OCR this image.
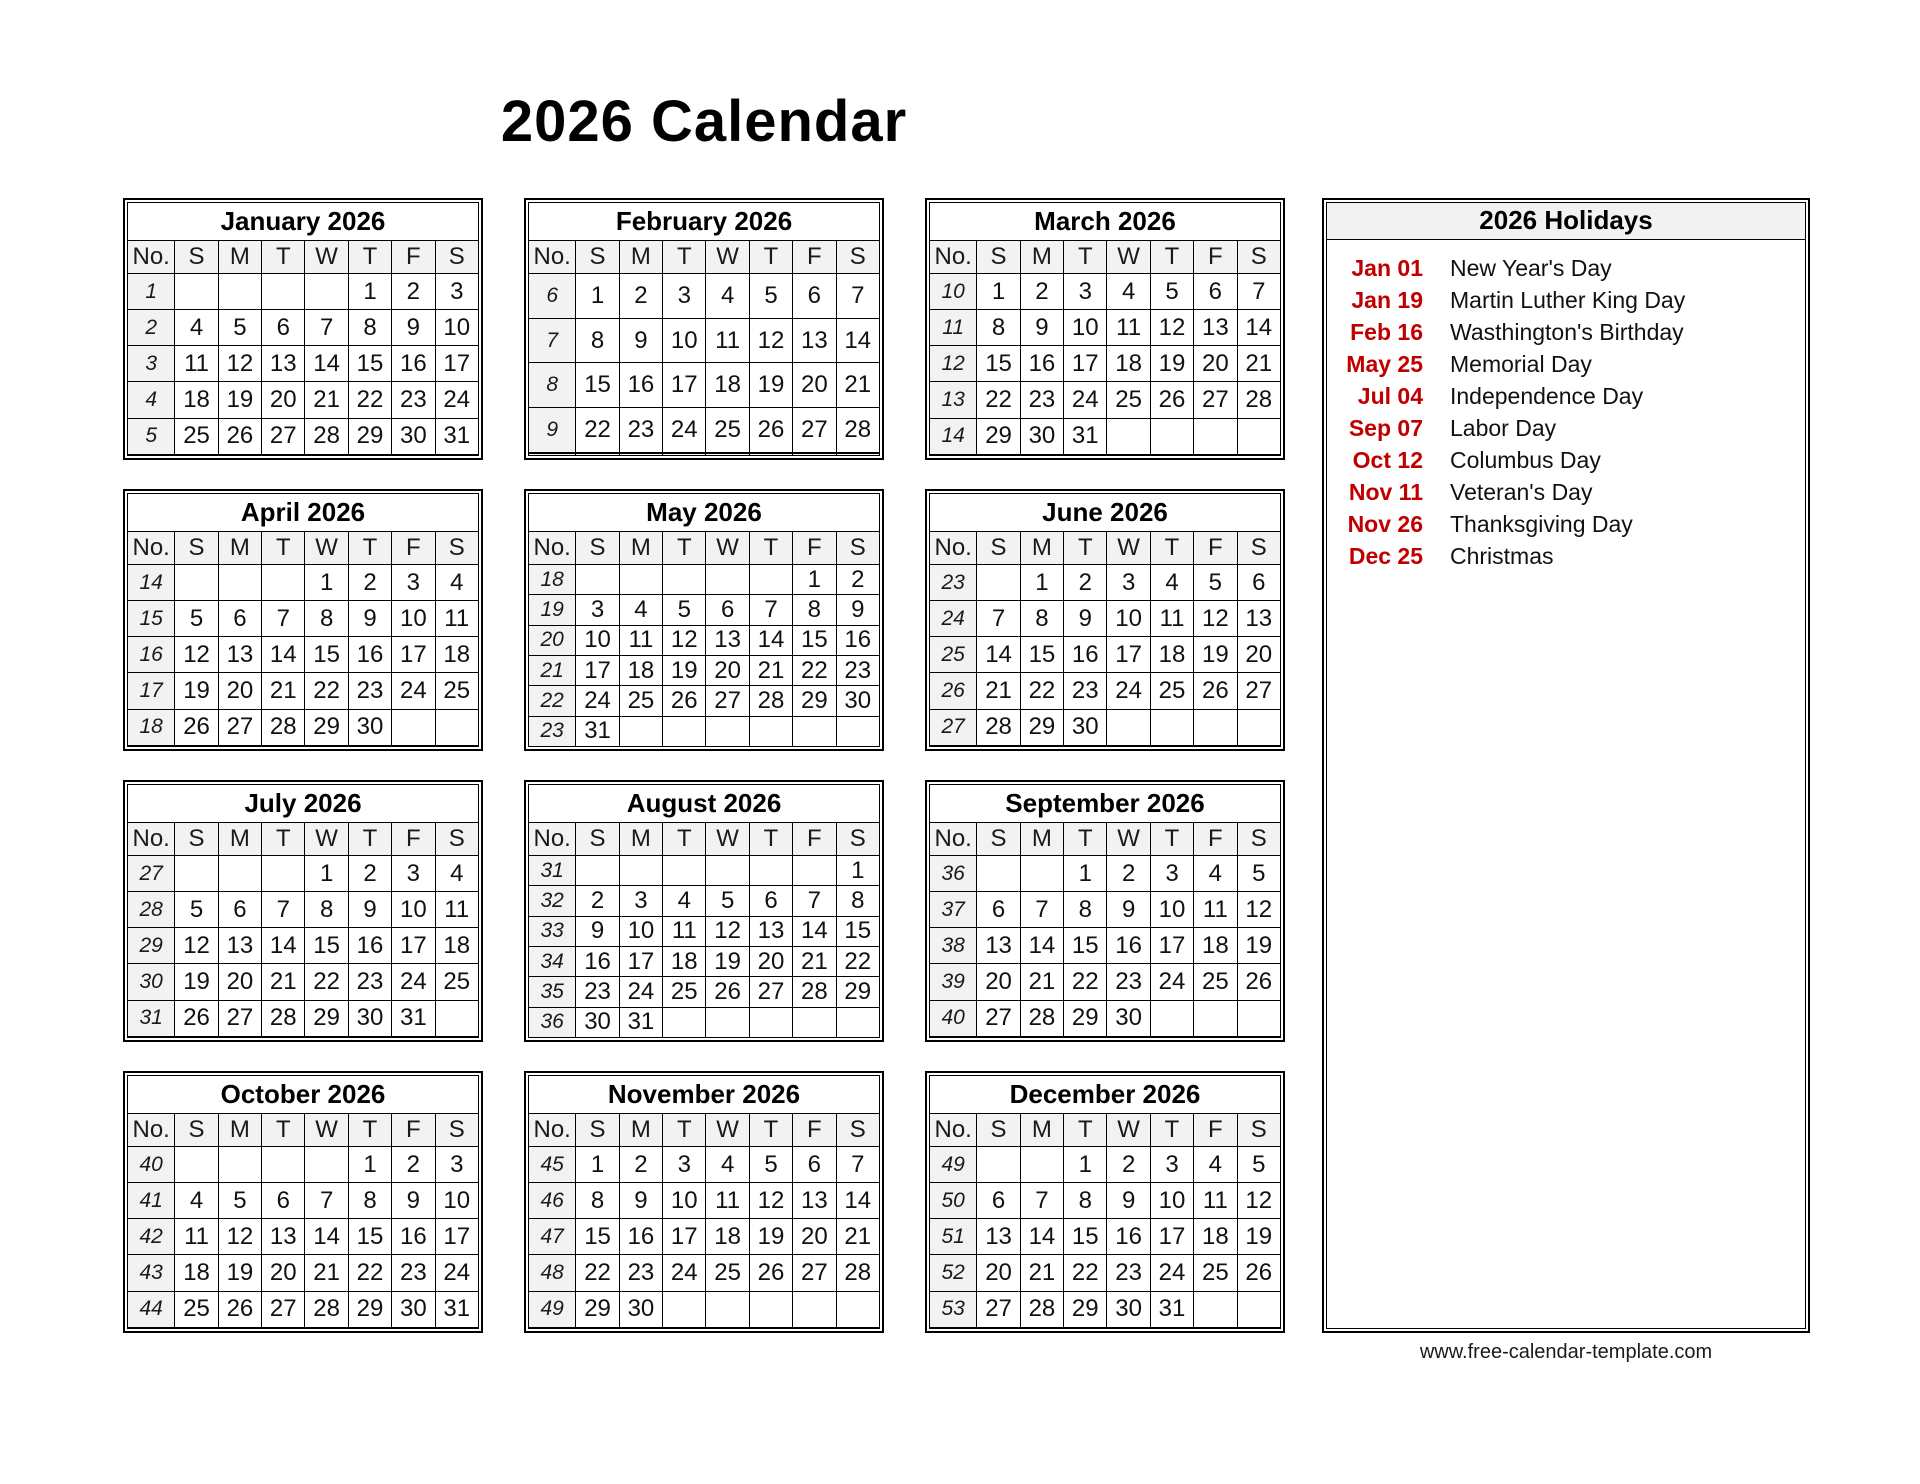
2026 Calendar
January 2026							
No.	S	M	T	W	T	F	S
1					1	2	3
2	4	5	6	7	8	9	10
3	11	12	13	14	15	16	17
4	18	19	20	21	22	23	24
5	25	26	27	28	29	30	31

February 2026							
No.	S	M	T	W	T	F	S
6	1	2	3	4	5	6	7
7	8	9	10	11	12	13	14
8	15	16	17	18	19	20	21
9	22	23	24	25	26	27	28

March 2026							
No.	S	M	T	W	T	F	S
10	1	2	3	4	5	6	7
11	8	9	10	11	12	13	14
12	15	16	17	18	19	20	21
13	22	23	24	25	26	27	28
14	29	30	31				

April 2026							
No.	S	M	T	W	T	F	S
14				1	2	3	4
15	5	6	7	8	9	10	11
16	12	13	14	15	16	17	18
17	19	20	21	22	23	24	25
18	26	27	28	29	30		

May 2026							
No.	S	M	T	W	T	F	S
18						1	2
19	3	4	5	6	7	8	9
20	10	11	12	13	14	15	16
21	17	18	19	20	21	22	23
22	24	25	26	27	28	29	30
23	31						
June 2026							
No.	S	M	T	W	T	F	S
23		1	2	3	4	5	6
24	7	8	9	10	11	12	13
25	14	15	16	17	18	19	20
26	21	22	23	24	25	26	27
27	28	29	30				

July 2026							
No.	S	M	T	W	T	F	S
27				1	2	3	4
28	5	6	7	8	9	10	11
29	12	13	14	15	16	17	18
30	19	20	21	22	23	24	25
31	26	27	28	29	30	31	

August 2026							
No.	S	M	T	W	T	F	S
31							1
32	2	3	4	5	6	7	8
33	9	10	11	12	13	14	15
34	16	17	18	19	20	21	22
35	23	24	25	26	27	28	29
36	30	31					
September 2026							
No.	S	M	T	W	T	F	S
36			1	2	3	4	5
37	6	7	8	9	10	11	12
38	13	14	15	16	17	18	19
39	20	21	22	23	24	25	26
40	27	28	29	30			

October 2026							
No.	S	M	T	W	T	F	S
40					1	2	3
41	4	5	6	7	8	9	10
42	11	12	13	14	15	16	17
43	18	19	20	21	22	23	24
44	25	26	27	28	29	30	31

November 2026							
No.	S	M	T	W	T	F	S
45	1	2	3	4	5	6	7
46	8	9	10	11	12	13	14
47	15	16	17	18	19	20	21
48	22	23	24	25	26	27	28
49	29	30					

December 2026							
No.	S	M	T	W	T	F	S
49			1	2	3	4	5
50	6	7	8	9	10	11	12
51	13	14	15	16	17	18	19
52	20	21	22	23	24	25	26
53	27	28	29	30	31		

2026 Holidays
Jan 01 New Year's Day
Jan 19 Martin Luther King Day
Feb 16 Wasthington's Birthday
May 25 Memorial Day
Jul 04 Independence Day
Sep 07 Labor Day
Oct 12 Columbus Day
Nov 11 Veteran's Day
Nov 26 Thanksgiving Day
Dec 25 Christmas
www.free-calendar-template.com
